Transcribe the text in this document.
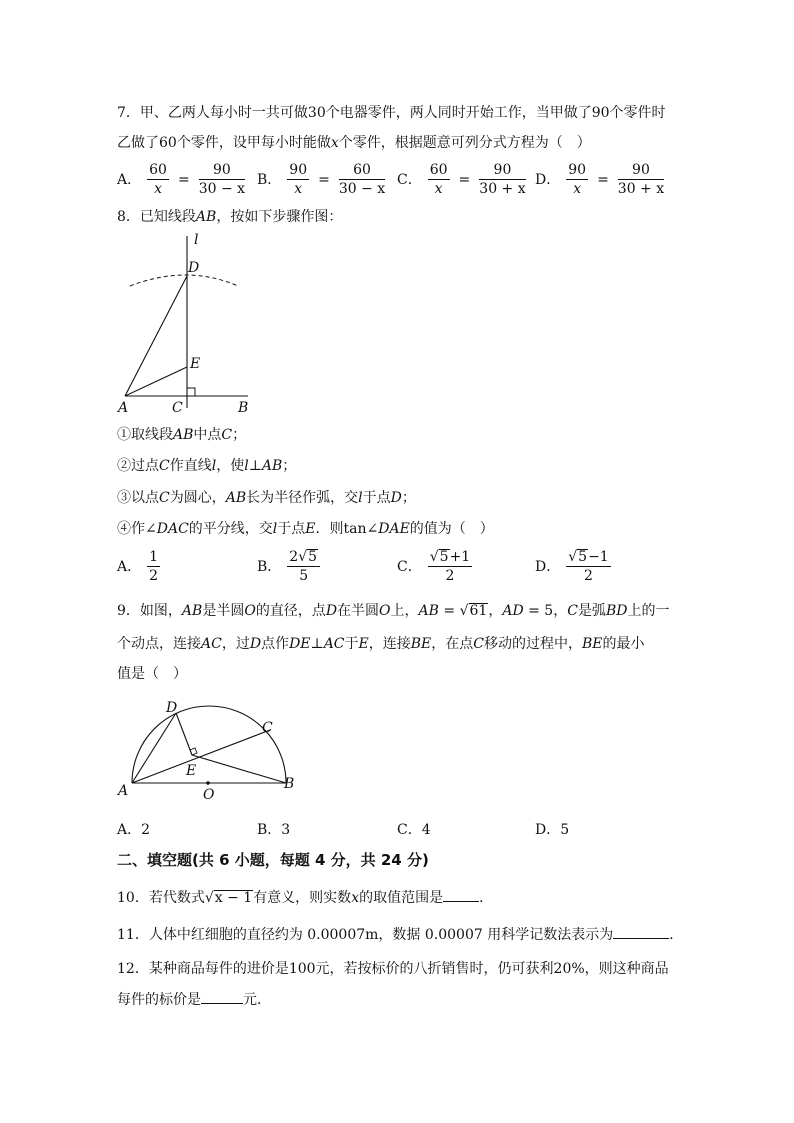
7．甲、乙两人每小时一共可做30个电器零件，两人同时开始工作，当甲做了90个零件时
乙做了60个零件，设甲每小时能做x个零件，根据题意可列分式方程为（　）
A． $\frac{60}{x} = \frac{90}{30 - x}$ B． $\frac{90}{x} = \frac{60}{30 - x}$ C． $\frac{60}{x} = \frac{90}{30 + x}$ D． $\frac{90}{x} = \frac{90}{30 + x}$
8．已知线段AB，按如下步骤作图：
l
D
E
A	C	B
①取线段AB中点C；
②过点C作直线l，使l⊥AB；
③以点C为圆心，AB长为半径作弧，交l于点D；
④作∠DAC的平分线，交l于点E．则tan∠DAE的值为（　）
A． $\frac{1}{2}$	B． $\frac{2√5}{5}$	C． $\frac{√5+1}{2}$	D． $\frac{√5-1}{2}$
9．如图，AB是半圆O的直径，点D在半圆O上，AB = √61，AD = 5，C是弧BD上的一
个动点，连接AC，过D点作DE⊥AC于E，连接BE，在点C移动的过程中，BE的最小
值是（　）
D
C
E
A	O
B
A．2	B．3	C．4	D．5
二、填空题(共 6 小题，每题 4 分，共 24 分)
10．若代数式√x − 1有意义，则实数x的取值范围是	．
11．人体中红细胞的直径约为 0.00007m，数据 0.00007 用科学记数法表示为	．
12．某种商品每件的进价是100元，若按标价的八折销售时，仍可获利20%，则这种商品
每件的标价是	元．
